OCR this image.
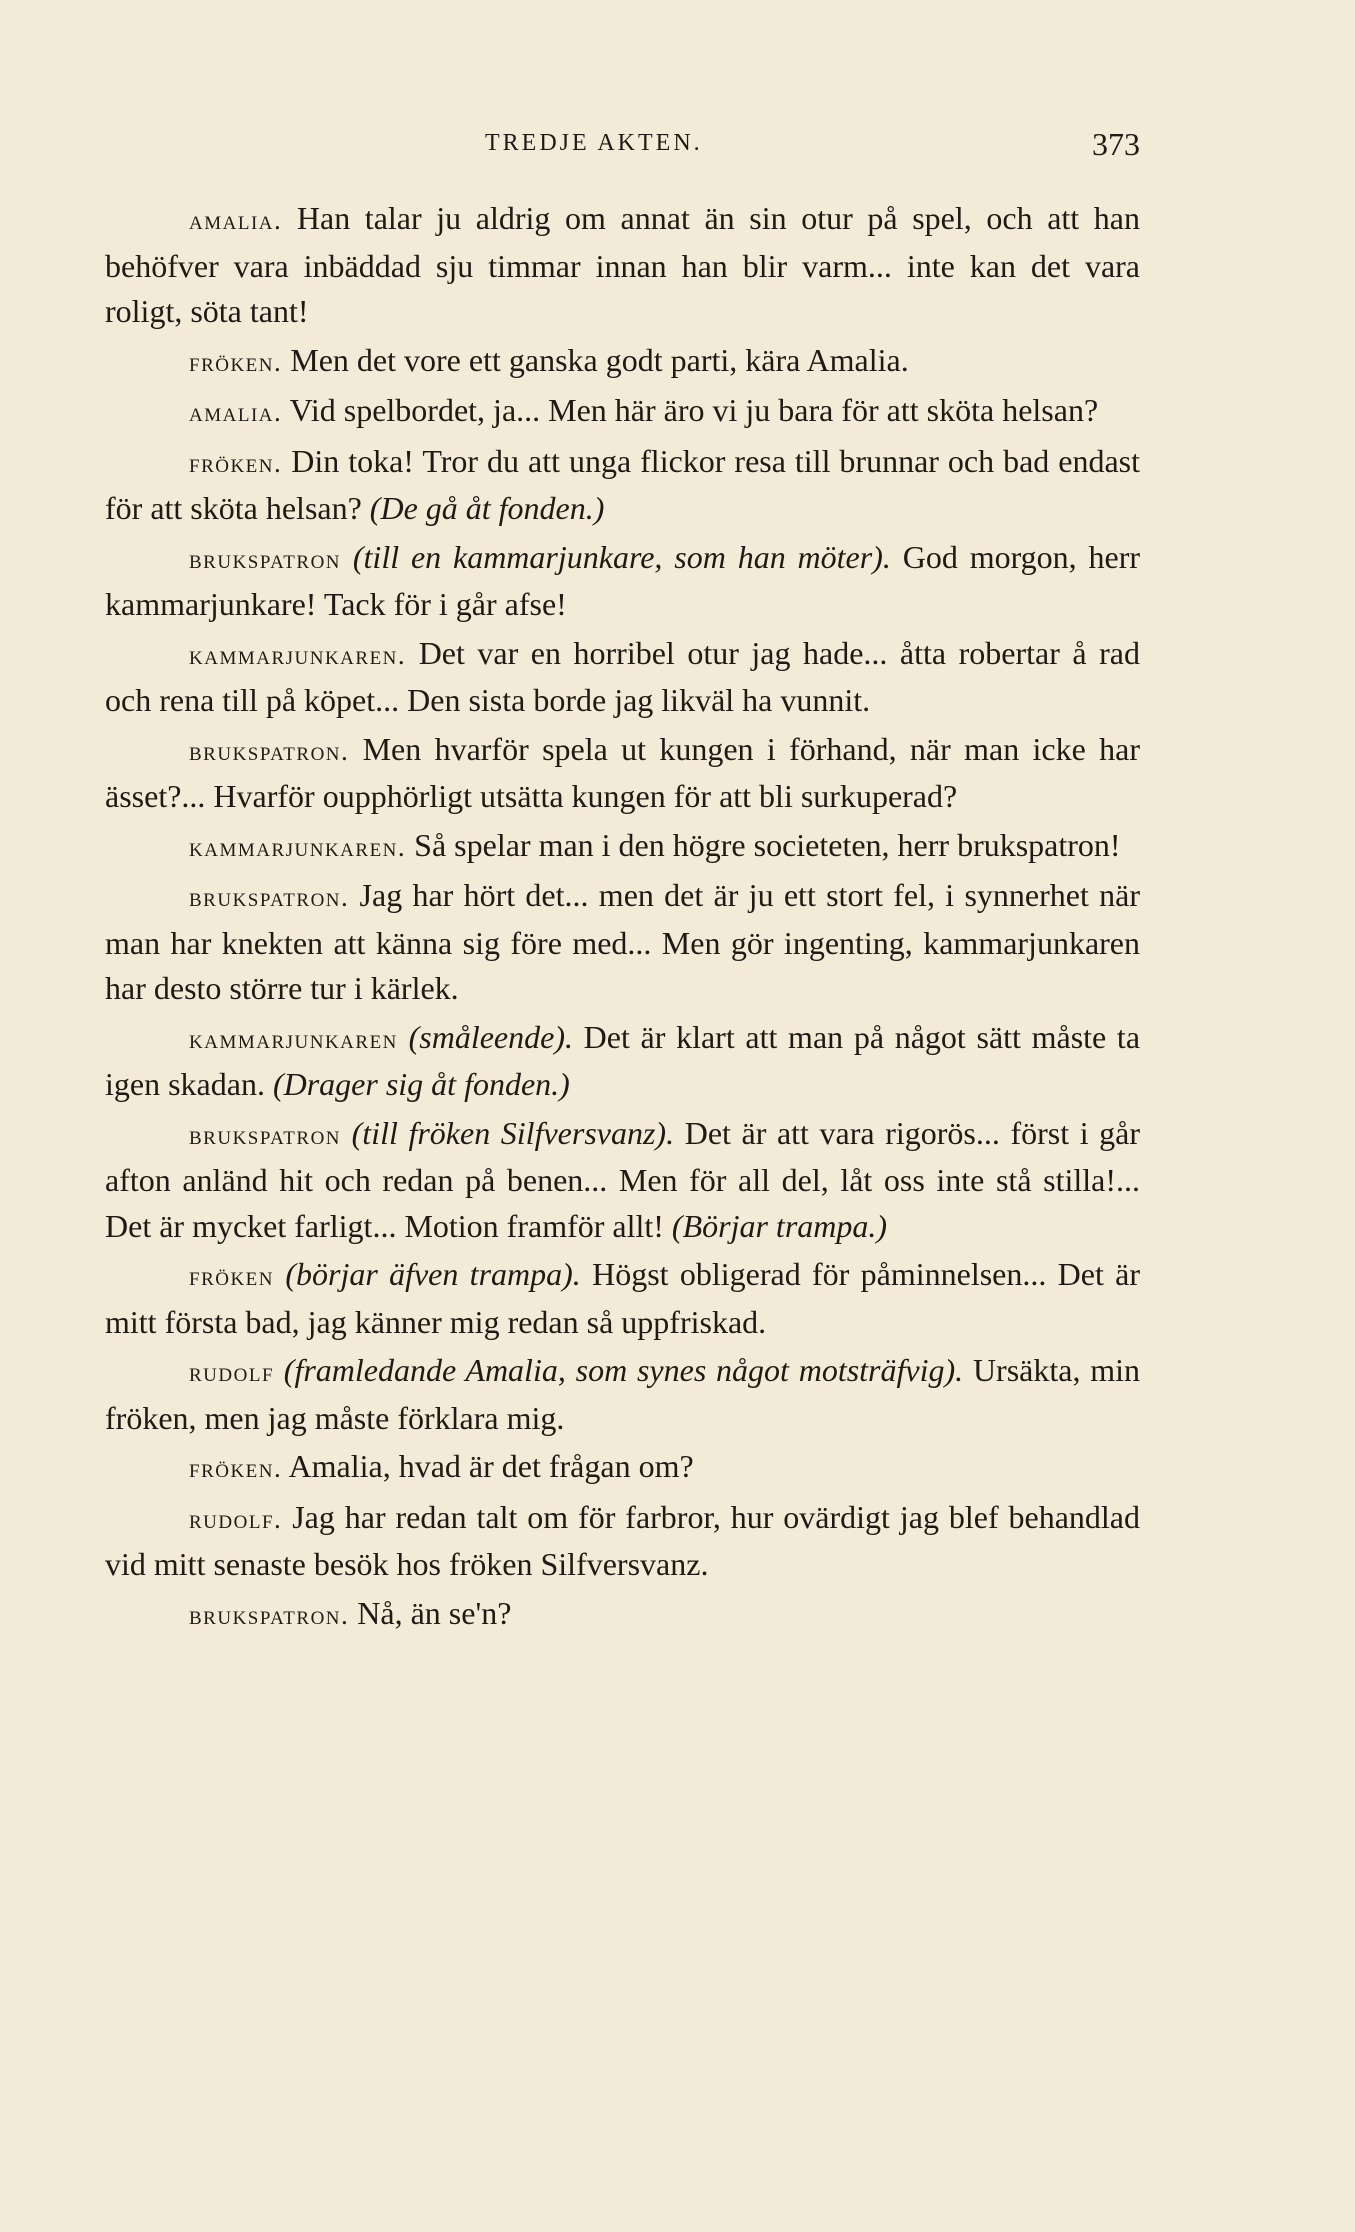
TREDJE AKTEN.	373

amalia. Han talar ju aldrig om annat än sin otur på spel, och att han behöfver vara inbäddad sju timmar innan han blir varm... inte kan det vara roligt, söta tant!

fröken. Men det vore ett ganska godt parti, kära Amalia.

amalia. Vid spelbordet, ja... Men här äro vi ju bara för att sköta helsan?

fröken. Din toka! Tror du att unga flickor resa till brunnar och bad endast för att sköta helsan? (De gå åt fonden.)

brukspatron (till en kammarjunkare, som han möter). God morgon, herr kammarjunkare! Tack för i går afse!

kammarjunkaren. Det var en horribel otur jag hade... åtta robertar å rad och rena till på köpet... Den sista borde jag likväl ha vunnit.

brukspatron. Men hvarför spela ut kungen i förhand, när man icke har ässet?... Hvarför oupphörligt utsätta kungen för att bli surkuperad?

kammarjunkaren. Så spelar man i den högre societeten, herr brukspatron!

brukspatron. Jag har hört det... men det är ju ett stort fel, i synnerhet när man har knekten att känna sig före med... Men gör ingenting, kammarjunkaren har desto större tur i kärlek.

kammarjunkaren (småleende). Det är klart att man på något sätt måste ta igen skadan. (Drager sig åt fonden.)

brukspatron (till fröken Silfversvanz). Det är att vara rigorös... först i går afton anländ hit och redan på benen... Men för all del, låt oss inte stå stilla!... Det är mycket farligt... Motion framför allt! (Börjar trampa.)

fröken (börjar äfven trampa). Högst obligerad för påminnelsen... Det är mitt första bad, jag känner mig redan så uppfriskad.

rudolf (framledande Amalia, som synes något motsträfvig). Ursäkta, min fröken, men jag måste förklara mig.

fröken. Amalia, hvad är det frågan om?

rudolf. Jag har redan talt om för farbror, hur ovärdigt jag blef behandlad vid mitt senaste besök hos fröken Silfversvanz.

brukspatron. Nå, än se'n?
